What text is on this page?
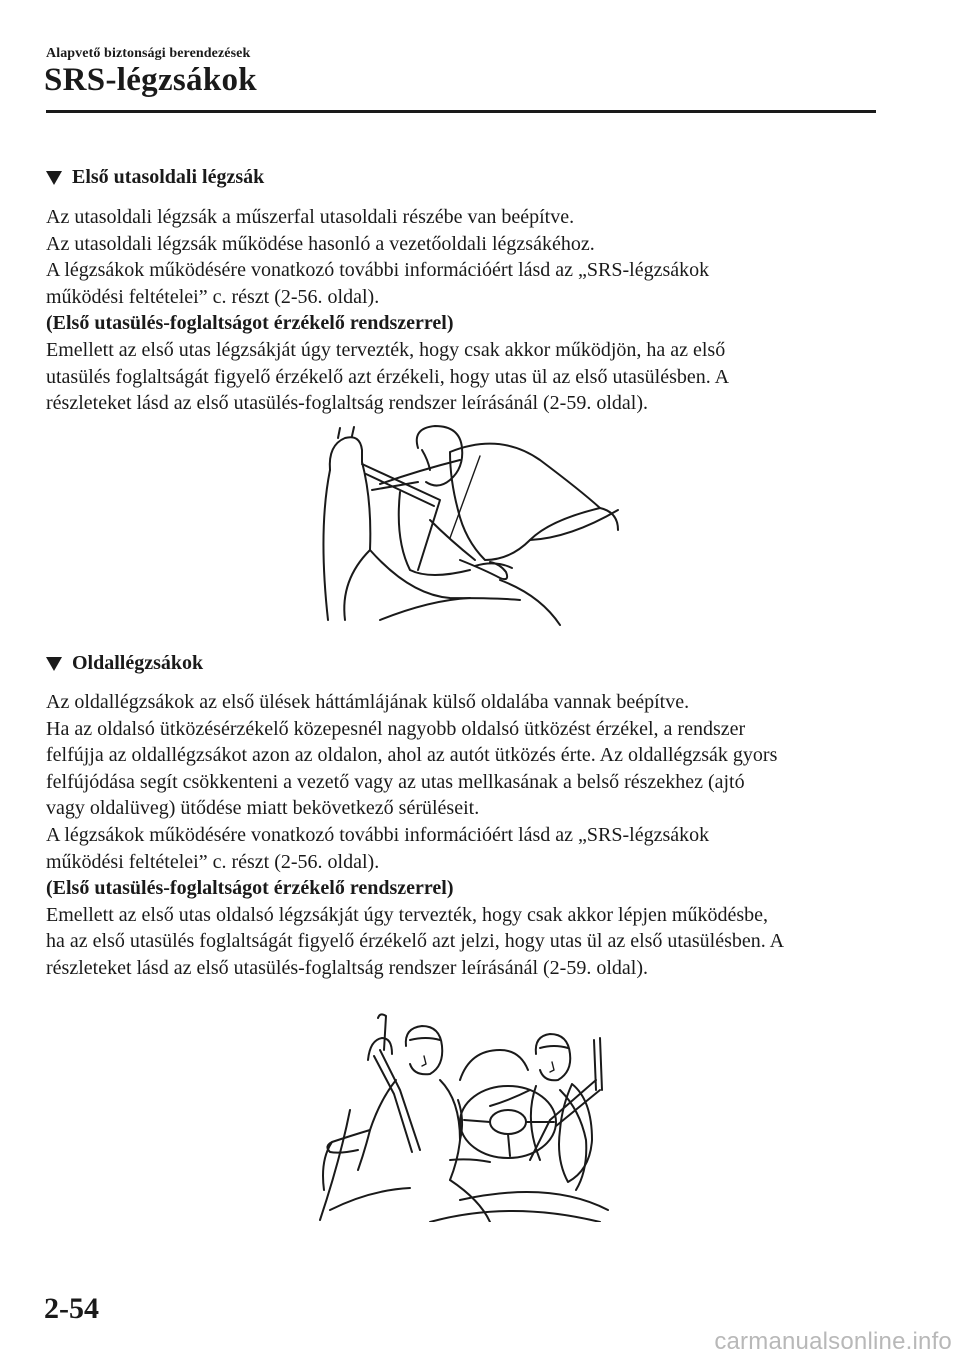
Alapvető biztonsági berendezések
SRS-légzsákok
Első utasoldali légzsák
Az utasoldali légzsák a műszerfal utasoldali részébe van beépítve.
Az utasoldali légzsák működése hasonló a vezetőoldali légzsákéhoz.
A légzsákok működésére vonatkozó további információért lásd az „SRS-légzsákok
működési feltételei” c. részt (2-56. oldal).
(Első utasülés-foglaltságot érzékelő rendszerrel)
Emellett az első utas légzsákját úgy tervezték, hogy csak akkor működjön, ha az első
utasülés foglaltságát figyelő érzékelő azt érzékeli, hogy utas ül az első utasülésben. A
részleteket lásd az első utasülés-foglaltság rendszer leírásánál (2-59. oldal).
Oldallégzsákok
Az oldallégzsákok az első ülések háttámlájának külső oldalába vannak beépítve.
Ha az oldalsó ütközésérzékelő közepesnél nagyobb oldalsó ütközést érzékel, a rendszer
felfújja az oldallégzsákot azon az oldalon, ahol az autót ütközés érte. Az oldallégzsák gyors
felfújódása segít csökkenteni a vezető vagy az utas mellkasának a belső részekhez (ajtó
vagy oldalüveg) ütődése miatt bekövetkező sérüléseit.
A légzsákok működésére vonatkozó további információért lásd az „SRS-légzsákok
működési feltételei” c. részt (2-56. oldal).
(Első utasülés-foglaltságot érzékelő rendszerrel)
Emellett az első utas oldalsó légzsákját úgy tervezték, hogy csak akkor lépjen működésbe,
ha az első utasülés foglaltságát figyelő érzékelő azt jelzi, hogy utas ül az első utasülésben. A
részleteket lásd az első utasülés-foglaltság rendszer leírásánál (2-59. oldal).
2-54
carmanualsonline.info
